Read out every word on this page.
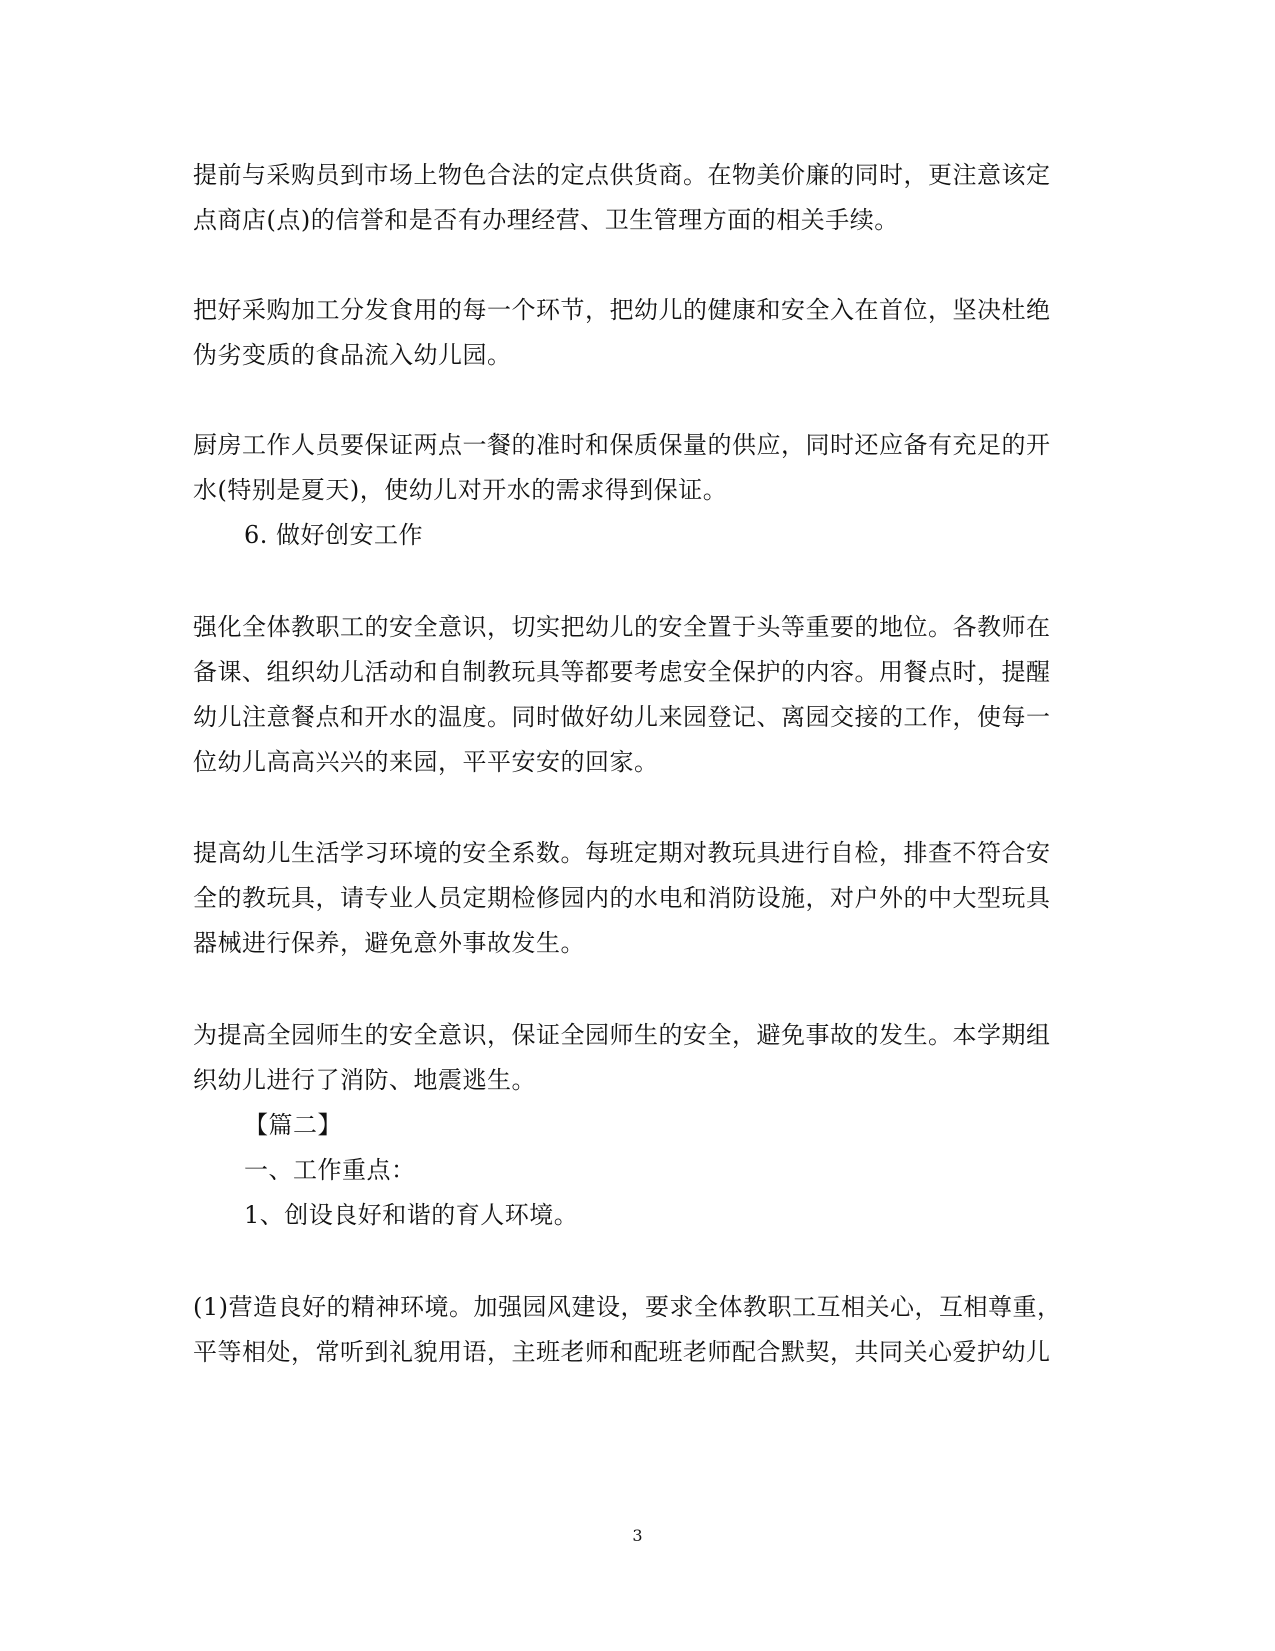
提前与采购员到市场上物色合法的定点供货商。在物美价廉的同时，更注意该定
点商店(点)的信誉和是否有办理经营、卫生管理方面的相关手续。
把好采购加工分发食用的每一个环节，把幼儿的健康和安全入在首位，坚决杜绝
伪劣变质的食品流入幼儿园。
厨房工作人员要保证两点一餐的准时和保质保量的供应，同时还应备有充足的开
水(特别是夏天)，使幼儿对开水的需求得到保证。
6. 做好创安工作
强化全体教职工的安全意识，切实把幼儿的安全置于头等重要的地位。各教师在
备课、组织幼儿活动和自制教玩具等都要考虑安全保护的内容。用餐点时，提醒
幼儿注意餐点和开水的温度。同时做好幼儿来园登记、离园交接的工作，使每一
位幼儿高高兴兴的来园，平平安安的回家。
提高幼儿生活学习环境的安全系数。每班定期对教玩具进行自检，排查不符合安
全的教玩具，请专业人员定期检修园内的水电和消防设施，对户外的中大型玩具
器械进行保养，避免意外事故发生。
为提高全园师生的安全意识，保证全园师生的安全，避免事故的发生。本学期组
织幼儿进行了消防、地震逃生。
【篇二】
一、工作重点：
1、创设良好和谐的育人环境。
(1)营造良好的精神环境。加强园风建设，要求全体教职工互相关心，互相尊重，
平等相处，常听到礼貌用语，主班老师和配班老师配合默契，共同关心爱护幼儿
3
